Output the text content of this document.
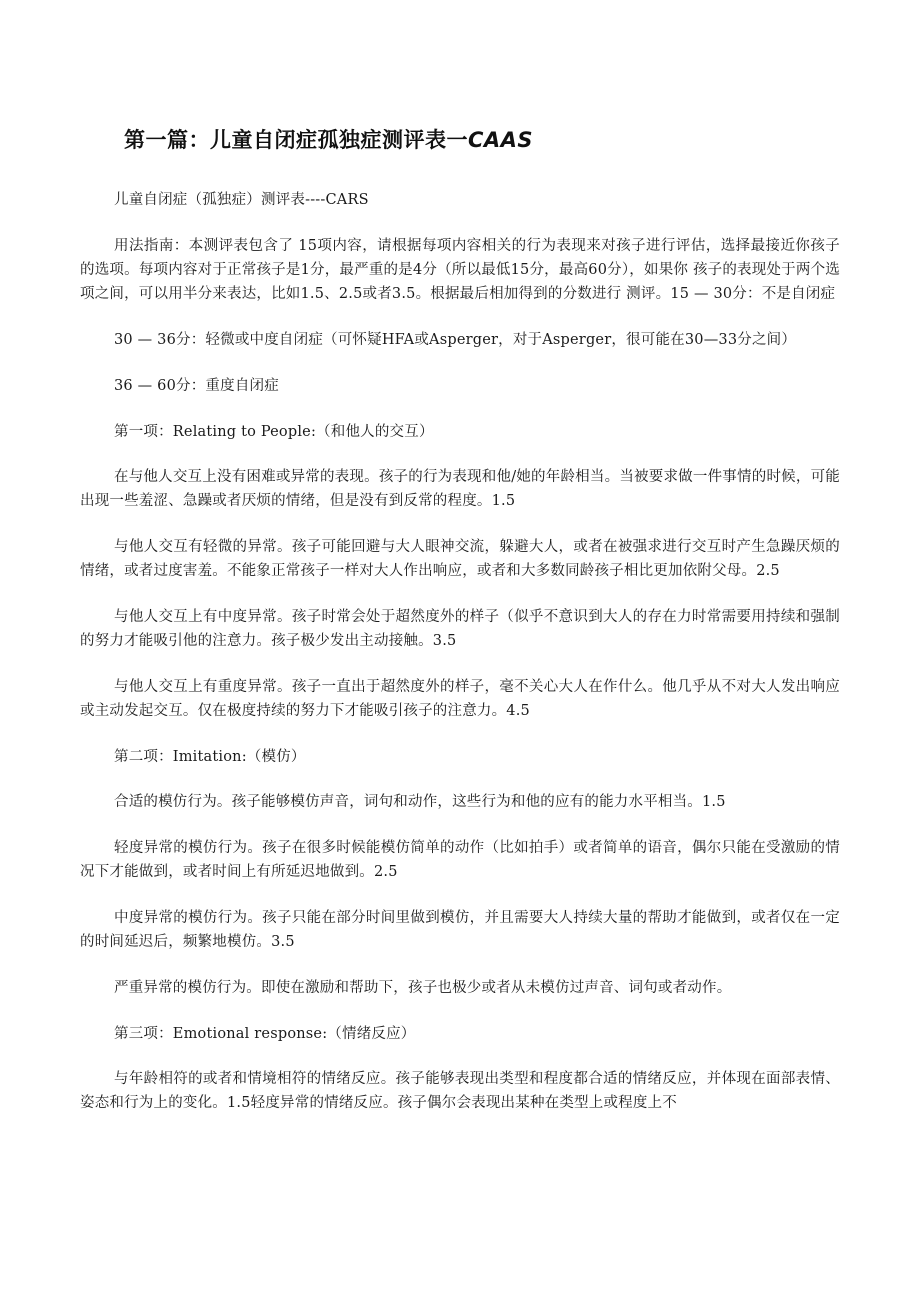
第一篇：儿童自闭症孤独症测评表一CAAS

儿童自闭症（孤独症）测评表----CARS

用法指南：本测评表包含了 15项内容，请根据每项内容相关的行为表现来对孩子进行评估，选择最接近你孩子的选项。每项内容对于正常孩子是1分，最严重的是4分（所以最低15分，最高60分），如果你 孩子的表现处于两个选项之间，可以用半分来表达，比如1.5、2.5或者3.5。根据最后相加得到的分数进行 测评。15 — 30分：不是自闭症

30 — 36分：轻微或中度自闭症（可怀疑HFA或Asperger，对于Asperger，很可能在30—33分之间）

36 — 60分：重度自闭症

第一项：Relating to People:（和他人的交互）

在与他人交互上没有困难或异常的表现。孩子的行为表现和他/她的年龄相当。当被要求做一件事情的时候，可能出现一些羞涩、急躁或者厌烦的情绪，但是没有到反常的程度。1.5

与他人交互有轻微的异常。孩子可能回避与大人眼神交流，躲避大人，或者在被强求进行交互时产生急躁厌烦的情绪，或者过度害羞。不能象正常孩子一样对大人作出响应，或者和大多数同龄孩子相比更加依附父母。2.5

与他人交互上有中度异常。孩子时常会处于超然度外的样子（似乎不意识到大人的存在力时常需要用持续和强制的努力才能吸引他的注意力。孩子极少发出主动接触。3.5

与他人交互上有重度异常。孩子一直出于超然度外的样子，毫不关心大人在作什么。他几乎从不对大人发出响应或主动发起交互。仅在极度持续的努力下才能吸引孩子的注意力。4.5

第二项：Imitation:（模仿）

合适的模仿行为。孩子能够模仿声音，词句和动作，这些行为和他的应有的能力水平相当。1.5

轻度异常的模仿行为。孩子在很多时候能模仿简单的动作（比如拍手）或者简单的语音，偶尔只能在受激励的情况下才能做到，或者时间上有所延迟地做到。2.5

中度异常的模仿行为。孩子只能在部分时间里做到模仿，并且需要大人持续大量的帮助才能做到，或者仅在一定的时间延迟后，频繁地模仿。3.5

严重异常的模仿行为。即使在激励和帮助下，孩子也极少或者从未模仿过声音、词句或者动作。

第三项：Emotional response:（情绪反应）

与年龄相符的或者和情境相符的情绪反应。孩子能够表现出类型和程度都合适的情绪反应，并体现在面部表情、姿态和行为上的变化。1.5轻度异常的情绪反应。孩子偶尔会表现出某种在类型上或程度上不
